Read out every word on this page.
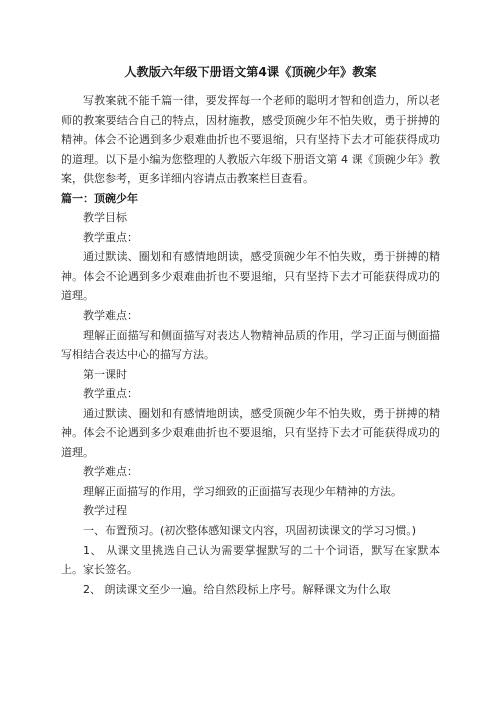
人教版六年级下册语文第4课《顶碗少年》教案

写教案就不能千篇一律，要发挥每一个老师的聪明才智和创造力，所以老师的教案要结合自己的特点，因材施教，感受顶碗少年不怕失败，勇于拼搏的精神。体会不论遇到多少艰难曲折也不要退缩，只有坚持下去才可能获得成功的道理。以下是小编为您整理的人教版六年级下册语文第 4 课《顶碗少年》教案，供您参考，更多详细内容请点击教案栏目查看。

篇一：顶碗少年

教学目标

教学重点：

通过默读、圈划和有感情地朗读，感受顶碗少年不怕失败，勇于拼搏的精神。体会不论遇到多少艰难曲折也不要退缩，只有坚持下去才可能获得成功的道理。

教学难点：

理解正面描写和侧面描写对表达人物精神品质的作用，学习正面与侧面描写相结合表达中心的描写方法。

第一课时

教学重点：

通过默读、圈划和有感情地朗读，感受顶碗少年不怕失败，勇于拼搏的精神。体会不论遇到多少艰难曲折也不要退缩，只有坚持下去才可能获得成功的道理。

教学难点：

理解正面描写的作用，学习细致的正面描写表现少年精神的方法。

教学过程

一、布置预习。(初次整体感知课文内容，巩固初读课文的学习习惯。)

1、 从课文里挑选自己认为需要掌握默写的二十个词语，默写在家默本上。家长签名。

2、 朗读课文至少一遍。给自然段标上序号。解释课文为什么取
